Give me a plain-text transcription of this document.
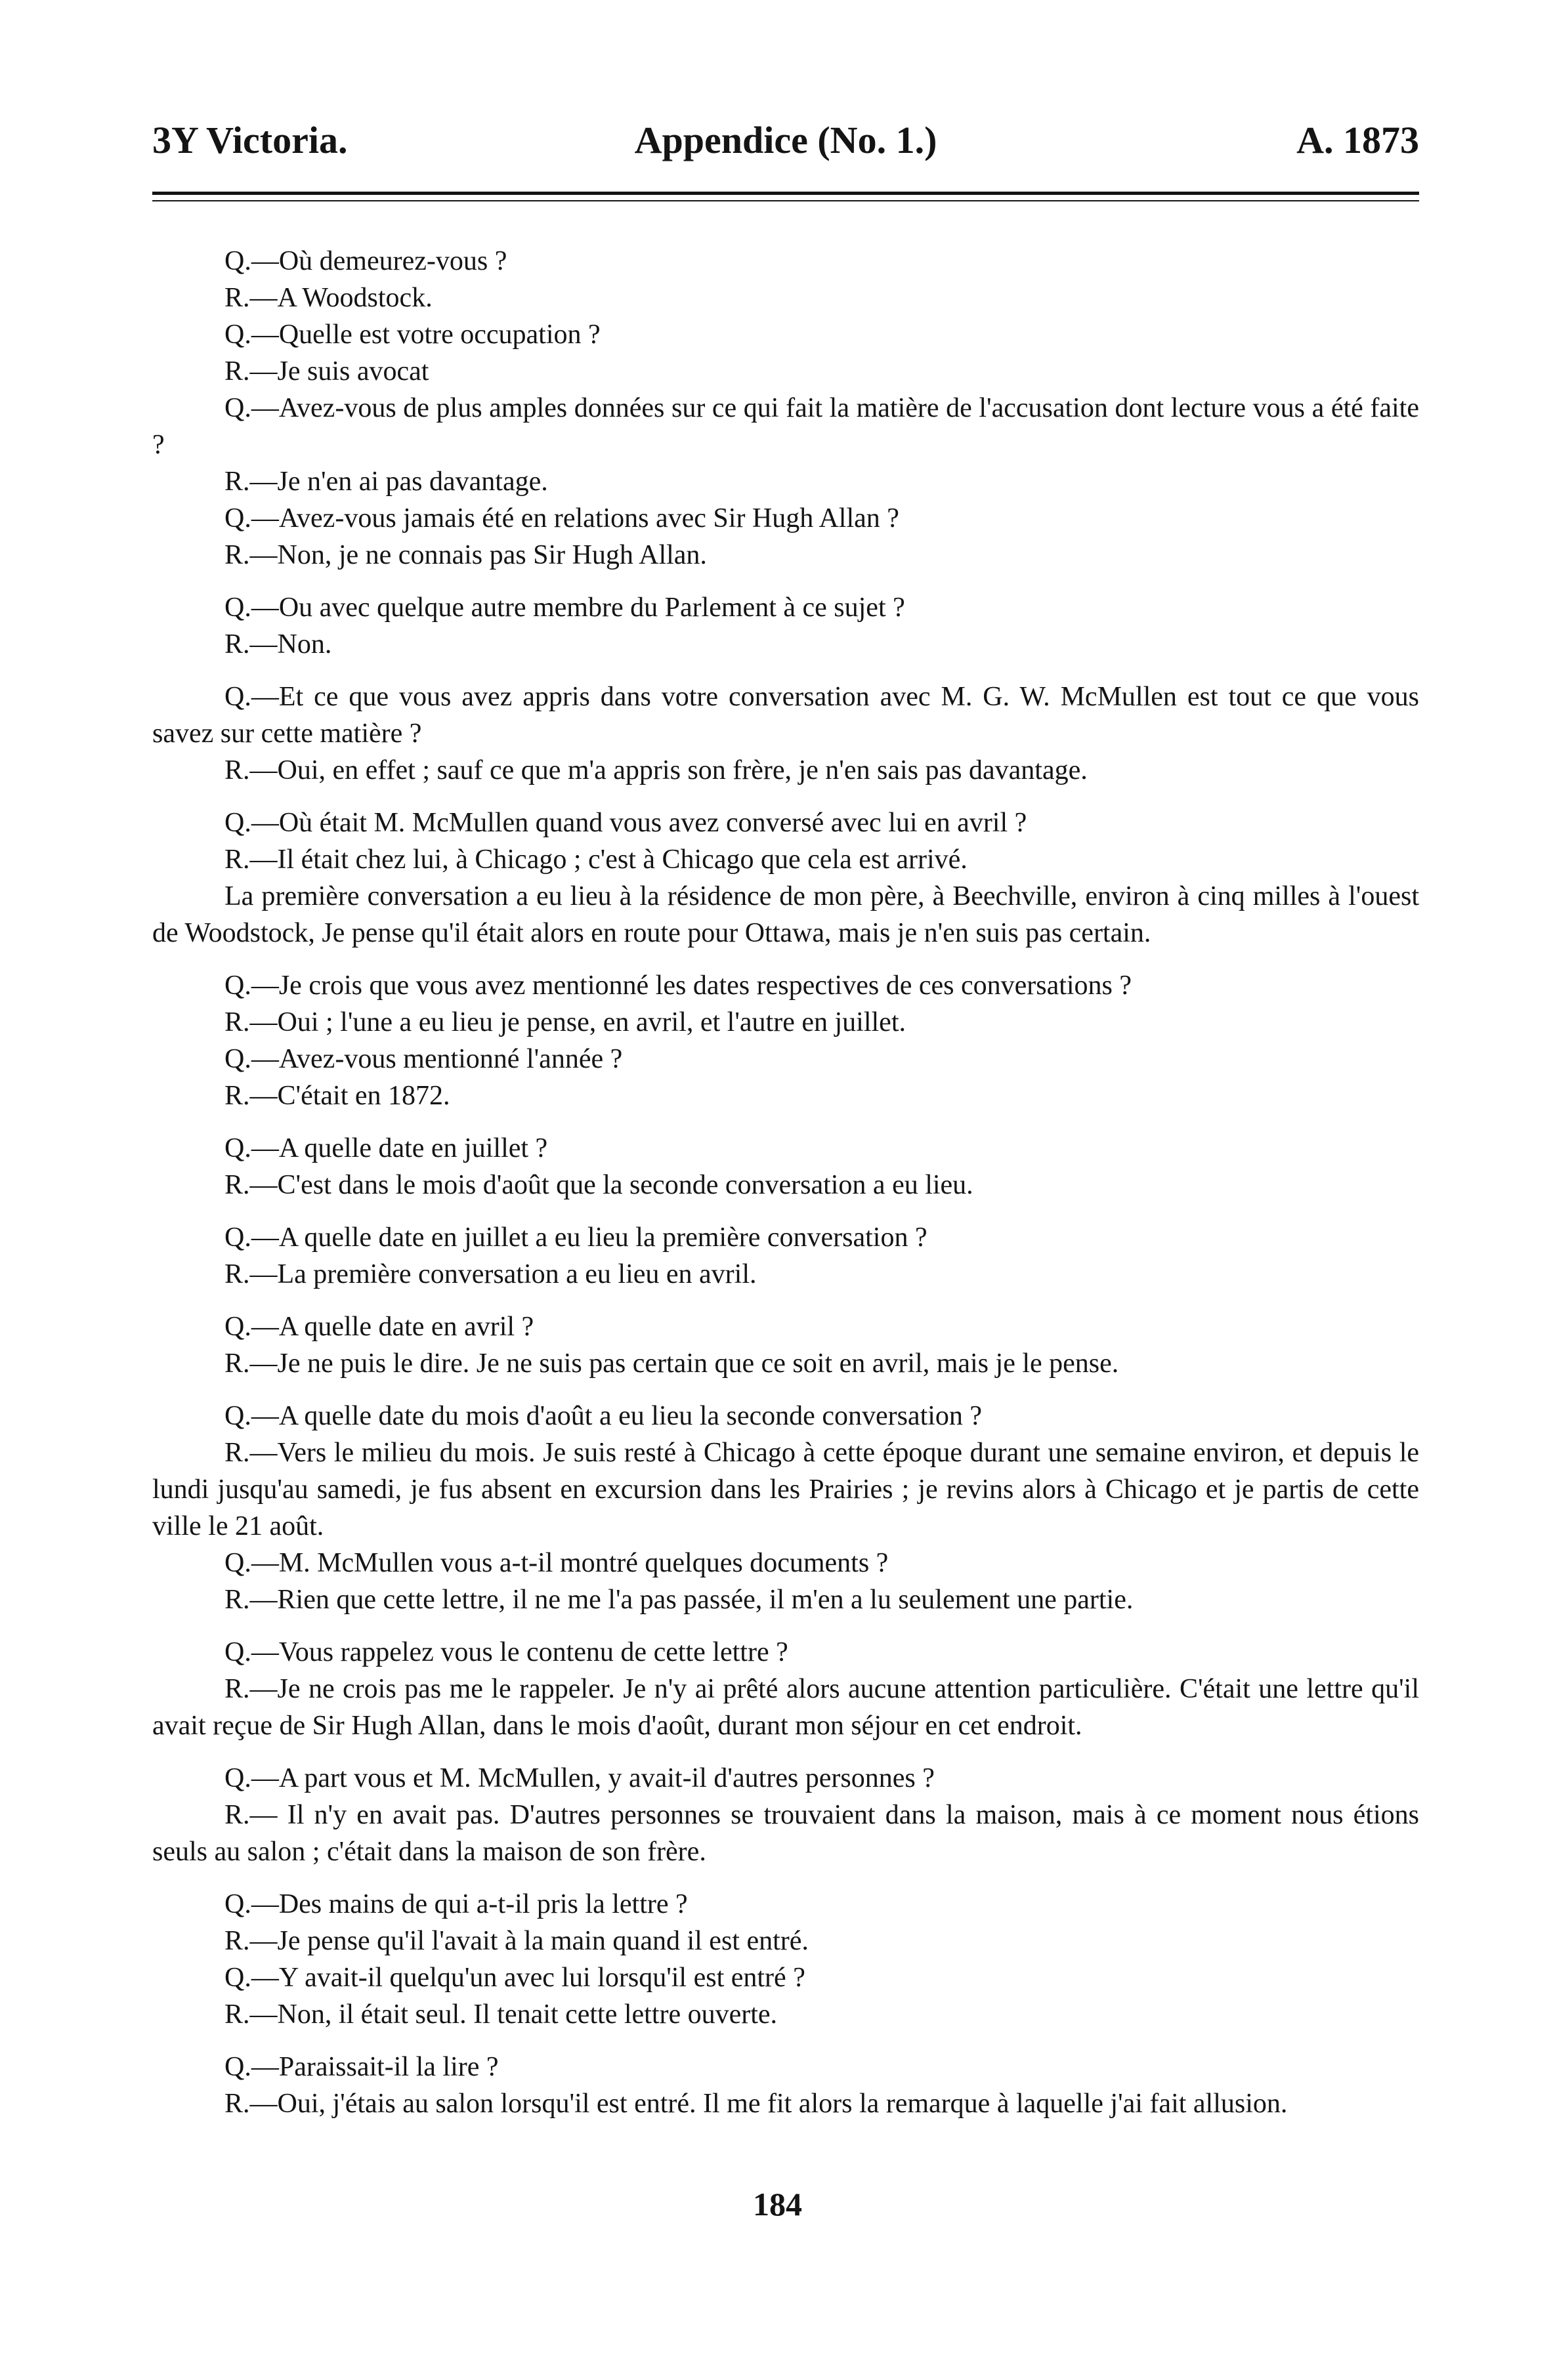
3Y Victoria.	Appendice (No. 1.)	A. 1873

Q.—Où demeurez-vous ?

R.—A Woodstock.

Q.—Quelle est votre occupation ?

R.—Je suis avocat

Q.—Avez-vous de plus amples données sur ce qui fait la matière de l'accusation dont lecture vous a été faite ?

R.—Je n'en ai pas davantage.

Q.—Avez-vous jamais été en relations avec Sir Hugh Allan ?

R.—Non, je ne connais pas Sir Hugh Allan.

Q.—Ou avec quelque autre membre du Parlement à ce sujet ?

R.—Non.

Q.—Et ce que vous avez appris dans votre conversation avec M. G. W. McMullen est tout ce que vous savez sur cette matière ?

R.—Oui, en effet ; sauf ce que m'a appris son frère, je n'en sais pas davantage.

Q.—Où était M. McMullen quand vous avez conversé avec lui en avril ?

R.—Il était chez lui, à Chicago ; c'est à Chicago que cela est arrivé.

La première conversation a eu lieu à la résidence de mon père, à Beechville, environ à cinq milles à l'ouest de Woodstock, Je pense qu'il était alors en route pour Ottawa, mais je n'en suis pas certain.

Q.—Je crois que vous avez mentionné les dates respectives de ces conversations ?

R.—Oui ; l'une a eu lieu je pense, en avril, et l'autre en juillet.

Q.—Avez-vous mentionné l'année ?

R.—C'était en 1872.

Q.—A quelle date en juillet ?

R.—C'est dans le mois d'août que la seconde conversation a eu lieu.

Q.—A quelle date en juillet a eu lieu la première conversation ?

R.—La première conversation a eu lieu en avril.

Q.—A quelle date en avril ?

R.—Je ne puis le dire. Je ne suis pas certain que ce soit en avril, mais je le pense.

Q.—A quelle date du mois d'août a eu lieu la seconde conversation ?

R.—Vers le milieu du mois. Je suis resté à Chicago à cette époque durant une semaine environ, et depuis le lundi jusqu'au samedi, je fus absent en excursion dans les Prairies ; je revins alors à Chicago et je partis de cette ville le 21 août.

Q.—M. McMullen vous a-t-il montré quelques documents ?

R.—Rien que cette lettre, il ne me l'a pas passée, il m'en a lu seulement une partie.

Q.—Vous rappelez vous le contenu de cette lettre ?

R.—Je ne crois pas me le rappeler. Je n'y ai prêté alors aucune attention particulière. C'était une lettre qu'il avait reçue de Sir Hugh Allan, dans le mois d'août, durant mon séjour en cet endroit.

Q.—A part vous et M. McMullen, y avait-il d'autres personnes ?

R.— Il n'y en avait pas. D'autres personnes se trouvaient dans la maison, mais à ce moment nous étions seuls au salon ; c'était dans la maison de son frère.

Q.—Des mains de qui a-t-il pris la lettre ?

R.—Je pense qu'il l'avait à la main quand il est entré.

Q.—Y avait-il quelqu'un avec lui lorsqu'il est entré ?

R.—Non, il était seul. Il tenait cette lettre ouverte.

Q.—Paraissait-il la lire ?

R.—Oui, j'étais au salon lorsqu'il est entré. Il me fit alors la remarque à laquelle j'ai fait allusion.

184
